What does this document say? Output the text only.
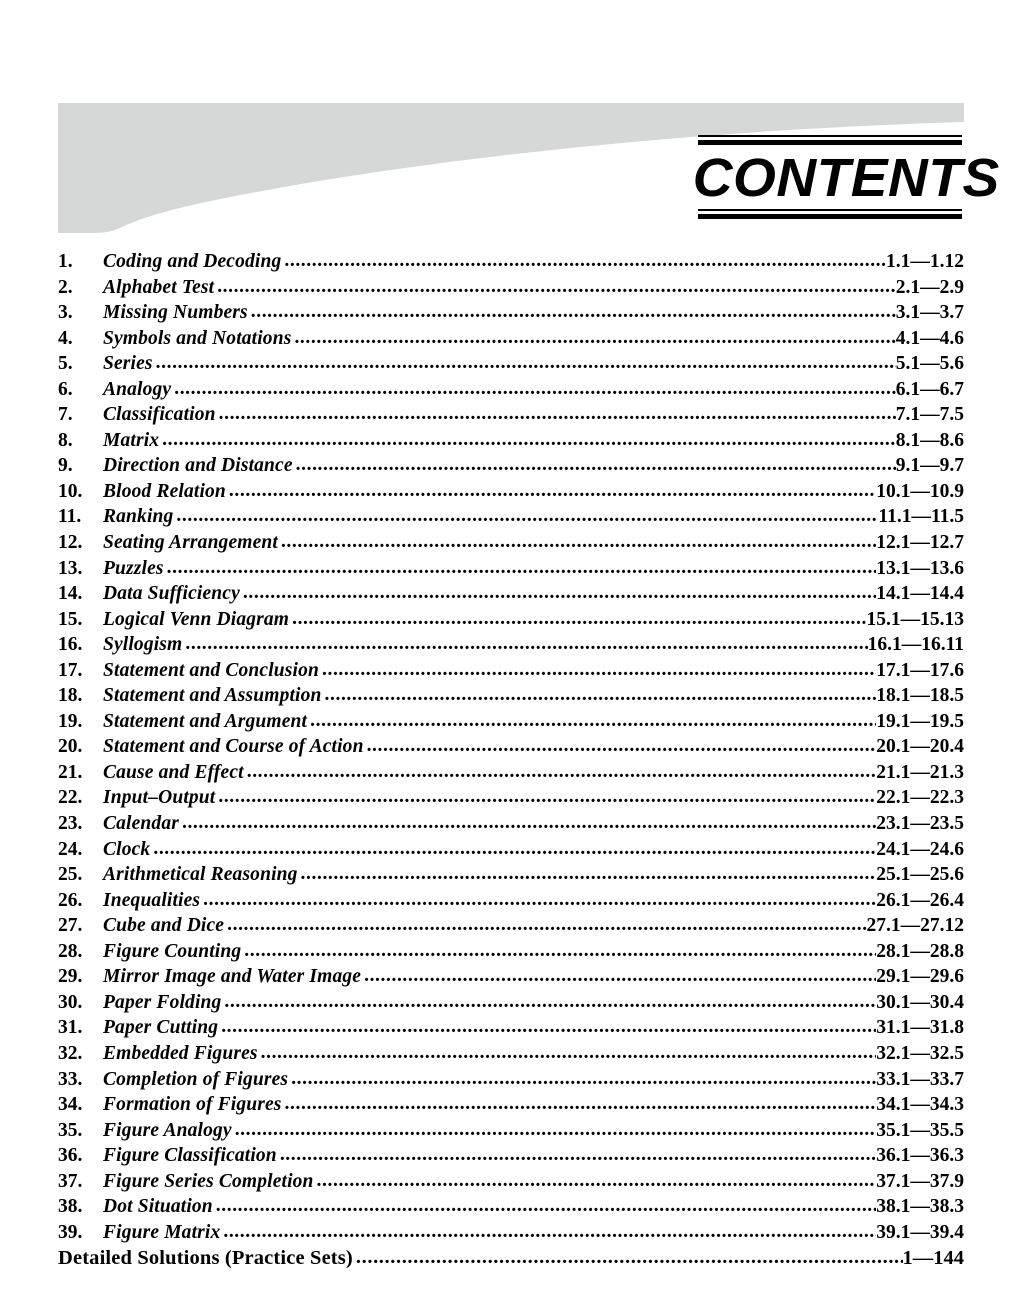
CONTENTS
1.	Coding and Decoding .....	1.1—1.12
2.	Alphabet Test .....	2.1—2.9
3.	Missing Numbers .....	3.1—3.7
4.	Symbols and Notations .....	4.1—4.6
5.	Series .....	5.1—5.6
6.	Analogy .....	6.1—6.7
7.	Classification .....	7.1—7.5
8.	Matrix .....	8.1—8.6
9.	Direction and Distance .....	9.1—9.7
10.	Blood Relation .....	10.1—10.9
11.	Ranking .....	11.1—11.5
12.	Seating Arrangement .....	12.1—12.7
13.	Puzzles .....	13.1—13.6
14.	Data Sufficiency .....	14.1—14.4
15.	Logical Venn Diagram .....	15.1—15.13
16.	Syllogism .....	16.1—16.11
17.	Statement and Conclusion .....	17.1—17.6
18.	Statement and Assumption .....	18.1—18.5
19.	Statement and Argument .....	19.1—19.5
20.	Statement and Course of Action .....	20.1—20.4
21.	Cause and Effect .....	21.1—21.3
22.	Input–Output .....	22.1—22.3
23.	Calendar .....	23.1—23.5
24.	Clock .....	24.1—24.6
25.	Arithmetical Reasoning .....	25.1—25.6
26.	Inequalities .....	26.1—26.4
27.	Cube and Dice .....	27.1—27.12
28.	Figure Counting .....	28.1—28.8
29.	Mirror Image and Water Image .....	29.1—29.6
30.	Paper Folding .....	30.1—30.4
31.	Paper Cutting .....	31.1—31.8
32.	Embedded Figures .....	32.1—32.5
33.	Completion of Figures .....	33.1—33.7
34.	Formation of Figures .....	34.1—34.3
35.	Figure Analogy .....	35.1—35.5
36.	Figure Classification .....	36.1—36.3
37.	Figure Series Completion .....	37.1—37.9
38.	Dot Situation .....	38.1—38.3
39.	Figure Matrix .....	39.1—39.4
Detailed Solutions (Practice Sets) .....	1—144
